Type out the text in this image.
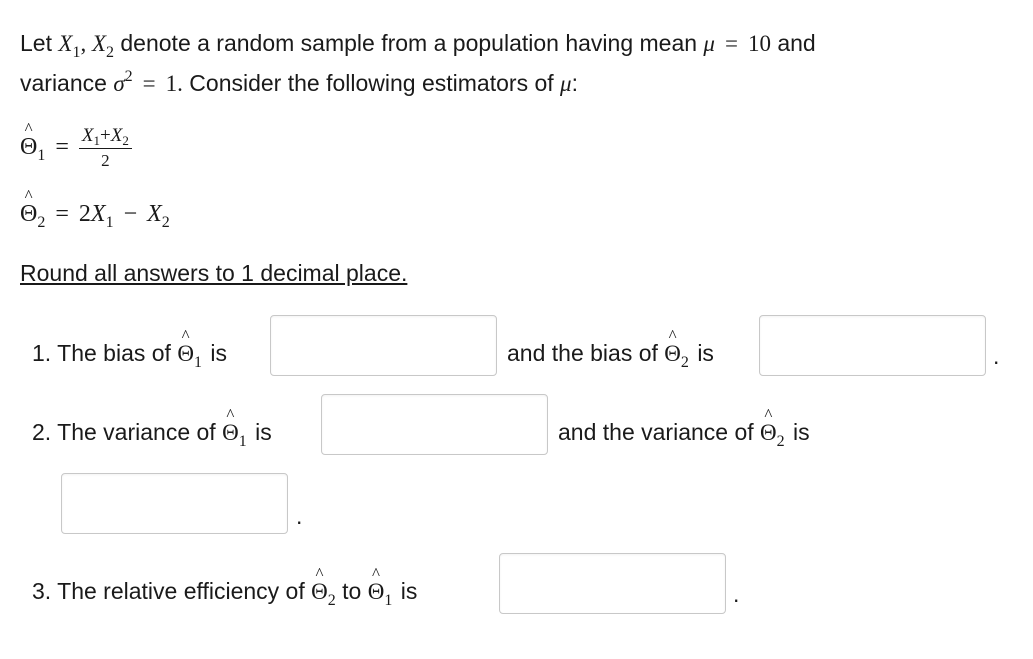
Let $X_1$, $X_2$ denote a random sample from a population having mean μ = 10 and
variance $\sigma^2 = 1$. Consider the following estimators of μ:
^ $\Theta_1 = \frac{X_1+X_2}{2}$
^ $\Theta_2 = 2X_1 - X_2$
Round all answers to 1 decimal place.
1. The bias of ^ $\Theta_1$ is	and the bias of ^ $\Theta_2$ is	.
2. The variance of ^ $\Theta_1$ is	and the variance of ^ $\Theta_2$ is
.
3. The relative efficiency of ^ $\Theta_2$ to ^ $\Theta_1$ is	.
